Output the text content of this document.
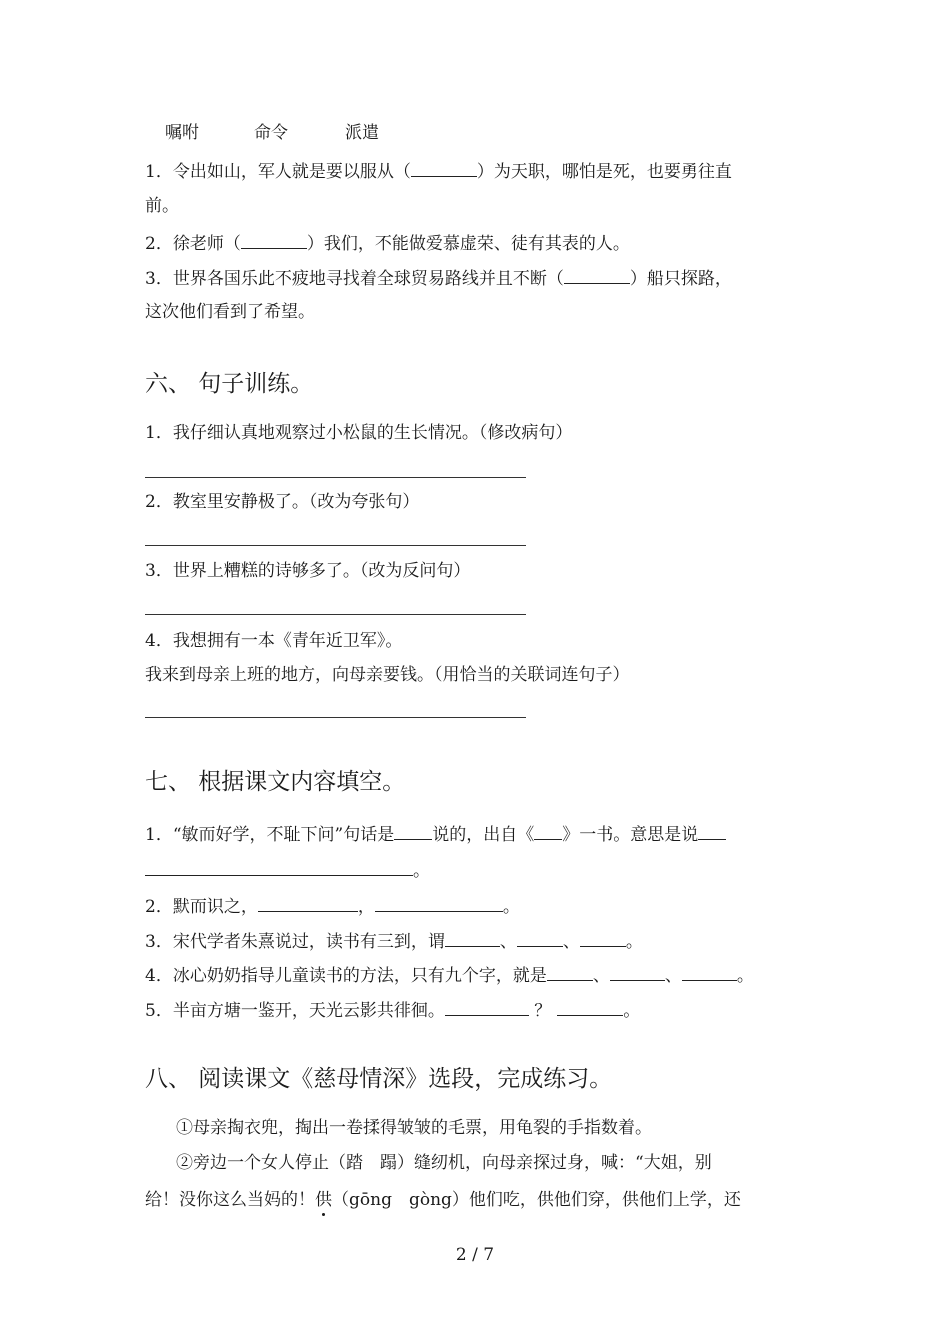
嘱咐	命令	派遣
1．令出如山，军人就是要以服从（	）为天职，哪怕是死，也要勇往直
前。
2．徐老师（	）我们，不能做爱慕虚荣、徒有其表的人。
3．世界各国乐此不疲地寻找着全球贸易路线并且不断（	）船只探路，
这次他们看到了希望。
六、 句子训练。
1．我仔细认真地观察过小松鼠的生长情况。（修改病句）
2．教室里安静极了。（改为夸张句）
3．世界上糟糕的诗够多了。（改为反问句）
4．我想拥有一本《青年近卫军》。
我来到母亲上班的地方，向母亲要钱。（用恰当的关联词连句子）
七、 根据课文内容填空。
1．“敏而好学，不耻下问”句话是 说的，出自《 》一书。意思是说
。
2．默而识之，	，	。
3．宋代学者朱熹说过，读书有三到，谓	、	、	。
4．冰心奶奶指导儿童读书的方法，只有九个字，就是	、	、	。
5．半亩方塘一鉴开，天光云影共徘徊。	？	。
八、 阅读课文《慈母情深》选段，完成练习。
①母亲掏衣兜，掏出一卷揉得皱皱的毛票，用龟裂的手指数着。
②旁边一个女人停止（踏　蹋）缝纫机，向母亲探过身，喊：“大姐，别
给！没你这么当妈的！供（gōng　gòng）他们吃，供他们穿，供他们上学，还
2 / 7
